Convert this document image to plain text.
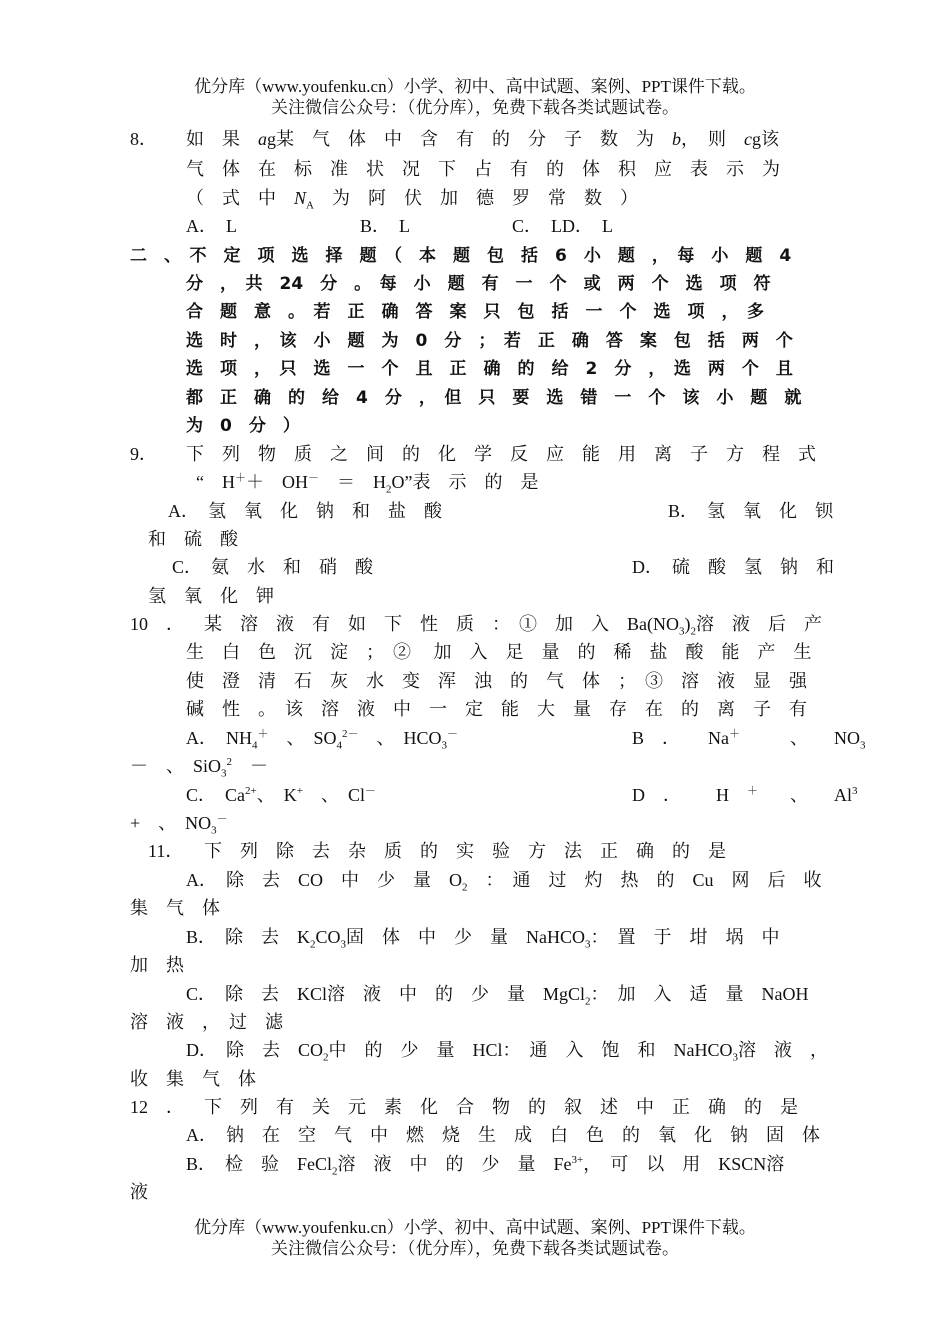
优分库（www.youfenku.cn）小学、初中、高中试题、案例、PPT课件下载。
关注微信公众号：（优分库），免费下载各类试题试卷。
8． 如　果　 ag某　气　体　中　含　有　的　分　子　数　为　 b，　则　 cg该
气　体　在　标　准　状　况　下　占　有　的　体　积　应　表　示　为
（　式　中　 $N_A$　 为　阿　伏　加　德　罗　常　数　）
A．　L	B．　L	C．　LD．　L
二　、　不　定　项　选　择　题　（　本　题　包　括　6　小　题　，　每　小　题　4
分　，　共　24　分　。　每　小　题　有　一　个　或　两　个　选　项　符
合　题　意　。　若　正　确　答　案　只　包　括　一　个　选　项　，　多
选　时　，　该　小　题　为　0　分　；　若　正　确　答　案　包　括　两　个
选　项　，　只　选　一　个　且　正　确　的　给　2　分　，　选　两　个　且
都　正　确　的　给　4　分　，　但　只　要　选　错　一　个　该　小　题　就
为　0　分　）
9． 下　列　物　质　之　间　的　化　学　反　应　能　用　离　子　方　程　式
“　H＋＋　OH－　 ＝　$H_2O$”表　示　的　是
A．　氢　氧　化　钠　和　盐　酸	B．　氢　氧　化　钡
和　硫　酸
C．　氨　水　和　硝　酸	D．　硫　酸　氢　钠　和
氢　氧　化　钾
10　． 某　溶　液　有　如　下　性　质　：　①　加　入　$Ba(NO_3)_2$溶　液　后　产
生　白　色　沉　淀　；　②　 加　入　足　量　的　稀　盐　酸　能　产　生
使　澄　清　石　灰　水　变　浑　浊　的　气　体　；　③　溶　液　显　强
碱　性　。　该　溶　液　中　一　定　能　大　量　存　在　的　离　子　有
A．　 $NH_4^+$　 、　$SO_4^{2-}$　 、　$HCO_3^-$	B　． Na＋	、 $NO_3$
－　、　SiO$_3^2$　 －
C．　 $Ca^{2+}$、　K+　 、　Cl－	D　． H　 ＋ 、 $Al^3$
+　、　$NO_3^-$
11． 下　列　除　去　杂　质　的　实　验　方　法　正　确　的　是
A．　除　去　CO　中　少　量　$O_2$　 ：　通　过　灼　热　的　Cu　网　后　收
集　气　体
B．　除　去　$K_2CO_3$固　体　中　少　量　NaHCO$_3$：　置　于　坩　埚　中
加　热
C．　除　去　KCl溶　液　中　的　少　量　MgCl$_2$：　加　入　适　量　NaOH
溶　液　，　过　滤
D．　除　去　$CO_2$中　的　少　量　HCl：　通　入　饱　和　NaHCO$_3$溶　液　，
收　集　气　体
12　． 下　列　有　关　元　素　化　合　物　的　叙　述　中　正　确　的　是
A．　钠　在　空　气　中　燃　烧　生　成　白　色　的　氧　化　钠　固　体
B．　检　验　FeCl$_2$溶　液　中　的　少　量　$Fe^{3+}$，　可　以　用　KSCN溶
液
优分库（www.youfenku.cn）小学、初中、高中试题、案例、PPT课件下载。
关注微信公众号：（优分库），免费下载各类试题试卷。
